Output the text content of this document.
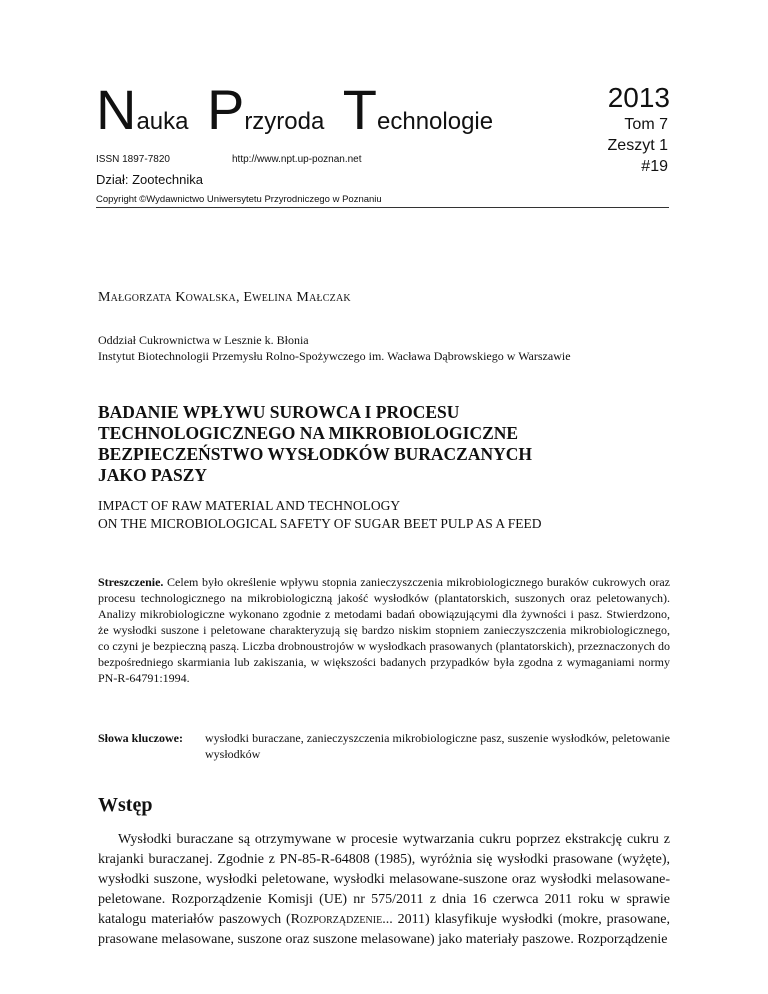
Nauka Przyroda Technologie
2013
Tom 7
Zeszyt 1
#19
ISSN 1897-7820	http://www.npt.up-poznan.net
Dział: Zootechnika
Copyright ©Wydawnictwo Uniwersytetu Przyrodniczego w Poznaniu
Małgorzata Kowalska, Ewelina Małczak
Oddział Cukrownictwa w Lesznie k. Błonia
Instytut Biotechnologii Przemysłu Rolno-Spożywczego im. Wacława Dąbrowskiego w Warszawie
BADANIE WPŁYWU SUROWCA I PROCESU
TECHNOLOGICZNEGO NA MIKROBIOLOGICZNE
BEZPIECZEŃSTWO WYSŁODKÓW BURACZANYCH
JAKO PASZY
IMPACT OF RAW MATERIAL AND TECHNOLOGY
ON THE MICROBIOLOGICAL SAFETY OF SUGAR BEET PULP AS A FEED
Streszczenie. Celem było określenie wpływu stopnia zanieczyszczenia mikrobiologicznego buraków cukrowych oraz procesu technologicznego na mikrobiologiczną jakość wysłodków (plantatorskich, suszonych oraz peletowanych). Analizy mikrobiologiczne wykonano zgodnie z metodami badań obowiązującymi dla żywności i pasz. Stwierdzono, że wysłodki suszone i peletowane charakteryzują się bardzo niskim stopniem zanieczyszczenia mikrobiologicznego, co czyni je bezpieczną paszą. Liczba drobnoustrojów w wysłodkach prasowanych (plantatorskich), przeznaczonych do bezpośredniego skarmiania lub zakiszania, w większości badanych przypadków była zgodna z wymaganiami normy PN-R-64791:1994.
Słowa kluczowe: wysłodki buraczane, zanieczyszczenia mikrobiologiczne pasz, suszenie wysłodków, peletowanie wysłodków
Wstęp
Wysłodki buraczane są otrzymywane w procesie wytwarzania cukru poprzez ekstrakcję cukru z krajanki buraczanej. Zgodnie z PN-85-R-64808 (1985), wyróżnia się wysłodki prasowane (wyżęte), wysłodki suszone, wysłodki peletowane, wysłodki melasowane-suszone oraz wysłodki melasowane-peletowane. Rozporządzenie Komisji (UE) nr 575/2011 z dnia 16 czerwca 2011 roku w sprawie katalogu materiałów paszowych (Rozporządzenie... 2011) klasyfikuje wysłodki (mokre, prasowane, prasowane melasowane, suszone oraz suszone melasowane) jako materiały paszowe. Rozporządzenie
